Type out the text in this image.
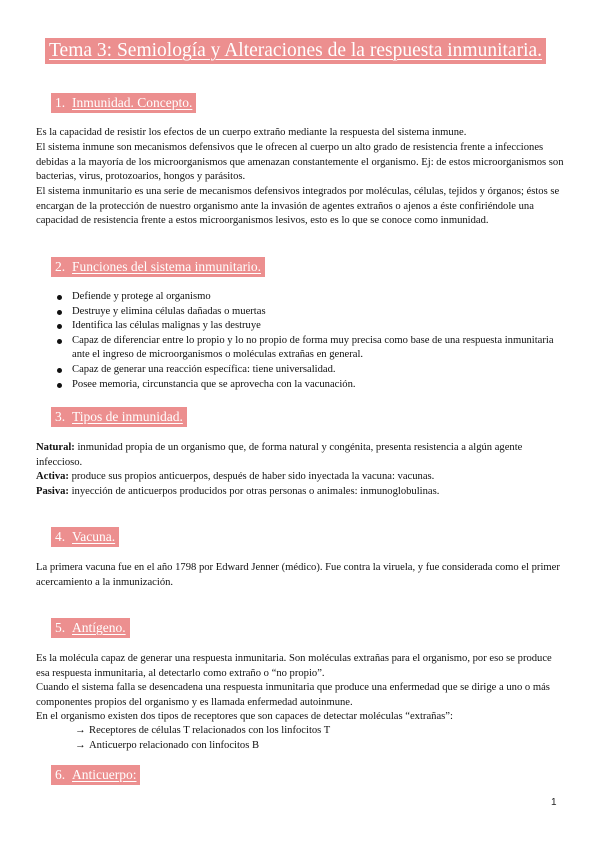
Tema 3: Semiología y Alteraciones de la respuesta inmunitaria.
1. Inmunidad. Concepto.
Es la capacidad de resistir los efectos de un cuerpo extraño mediante la respuesta del sistema inmune.
El sistema inmune son mecanismos defensivos que le ofrecen al cuerpo un alto grado de resistencia frente a infecciones debidas a la mayoría de los microorganismos que amenazan constantemente el organismo. Ej: de estos microorganismos son bacterias, virus, protozoarios, hongos y parásitos.
El sistema inmunitario es una serie de mecanismos defensivos integrados por moléculas, células, tejidos y órganos; éstos se encargan de la protección de nuestro organismo ante la invasión de agentes extraños o ajenos a éste confiriéndole una capacidad de resistencia frente a estos microorganismos lesivos, esto es lo que se conoce como inmunidad.
2. Funciones del sistema inmunitario.
Defiende y protege al organismo
Destruye y elimina células dañadas o muertas
Identifica las células malignas y las destruye
Capaz de diferenciar entre lo propio y lo no propio de forma muy precisa como base de una respuesta inmunitaria ante el ingreso de microorganismos o moléculas extrañas en general.
Capaz de generar una reacción específica: tiene universalidad.
Posee memoria, circunstancia que se aprovecha con la vacunación.
3. Tipos de inmunidad.
Natural: inmunidad propia de un organismo que, de forma natural y congénita, presenta resistencia a algún agente infeccioso.
Activa: produce sus propios anticuerpos, después de haber sido inyectada la vacuna: vacunas.
Pasiva: inyección de anticuerpos producidos por otras personas o animales: inmunoglobulinas.
4. Vacuna.
La primera vacuna fue en el año 1798 por Edward Jenner (médico). Fue contra la viruela, y fue considerada como el primer acercamiento a la inmunización.
5. Antígeno.
Es la molécula capaz de generar una respuesta inmunitaria. Son moléculas extrañas para el organismo, por eso se produce esa respuesta inmunitaria, al detectarlo como extraño o “no propio”.
Cuando el sistema falla se desencadena una respuesta inmunitaria que produce una enfermedad que se dirige a uno o más componentes propios del organismo y es llamada enfermedad autoinmune.
En el organismo existen dos tipos de receptores que son capaces de detectar moléculas “extrañas”:
→ Receptores de células T relacionados con los linfocitos T
→ Anticuerpo relacionado con linfocitos B
6. Anticuerpo:
1
